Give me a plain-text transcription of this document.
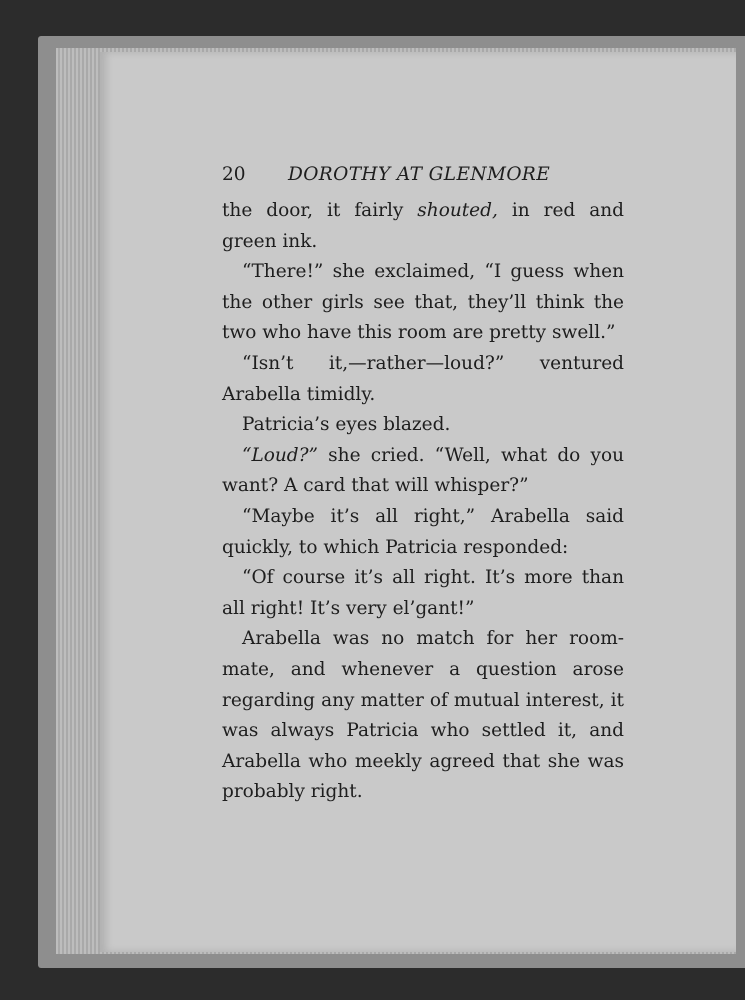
20	DOROTHY AT GLENMORE

the door, it fairly shouted, in red and green ink.

“There!” she exclaimed, “I guess when the other girls see that, they’ll think the two who have this room are pretty swell.”

“Isn’t it,—rather—loud?” ventured Arabella timidly.

Patricia’s eyes blazed.

“Loud?” she cried. “Well, what do you want? A card that will whisper?”

“Maybe it’s all right,” Arabella said quickly, to which Patricia responded:

“Of course it’s all right. It’s more than all right! It’s very el’gant!”

Arabella was no match for her room-mate, and whenever a question arose regarding any matter of mutual interest, it was always Patricia who settled it, and Arabella who meekly agreed that she was probably right.
